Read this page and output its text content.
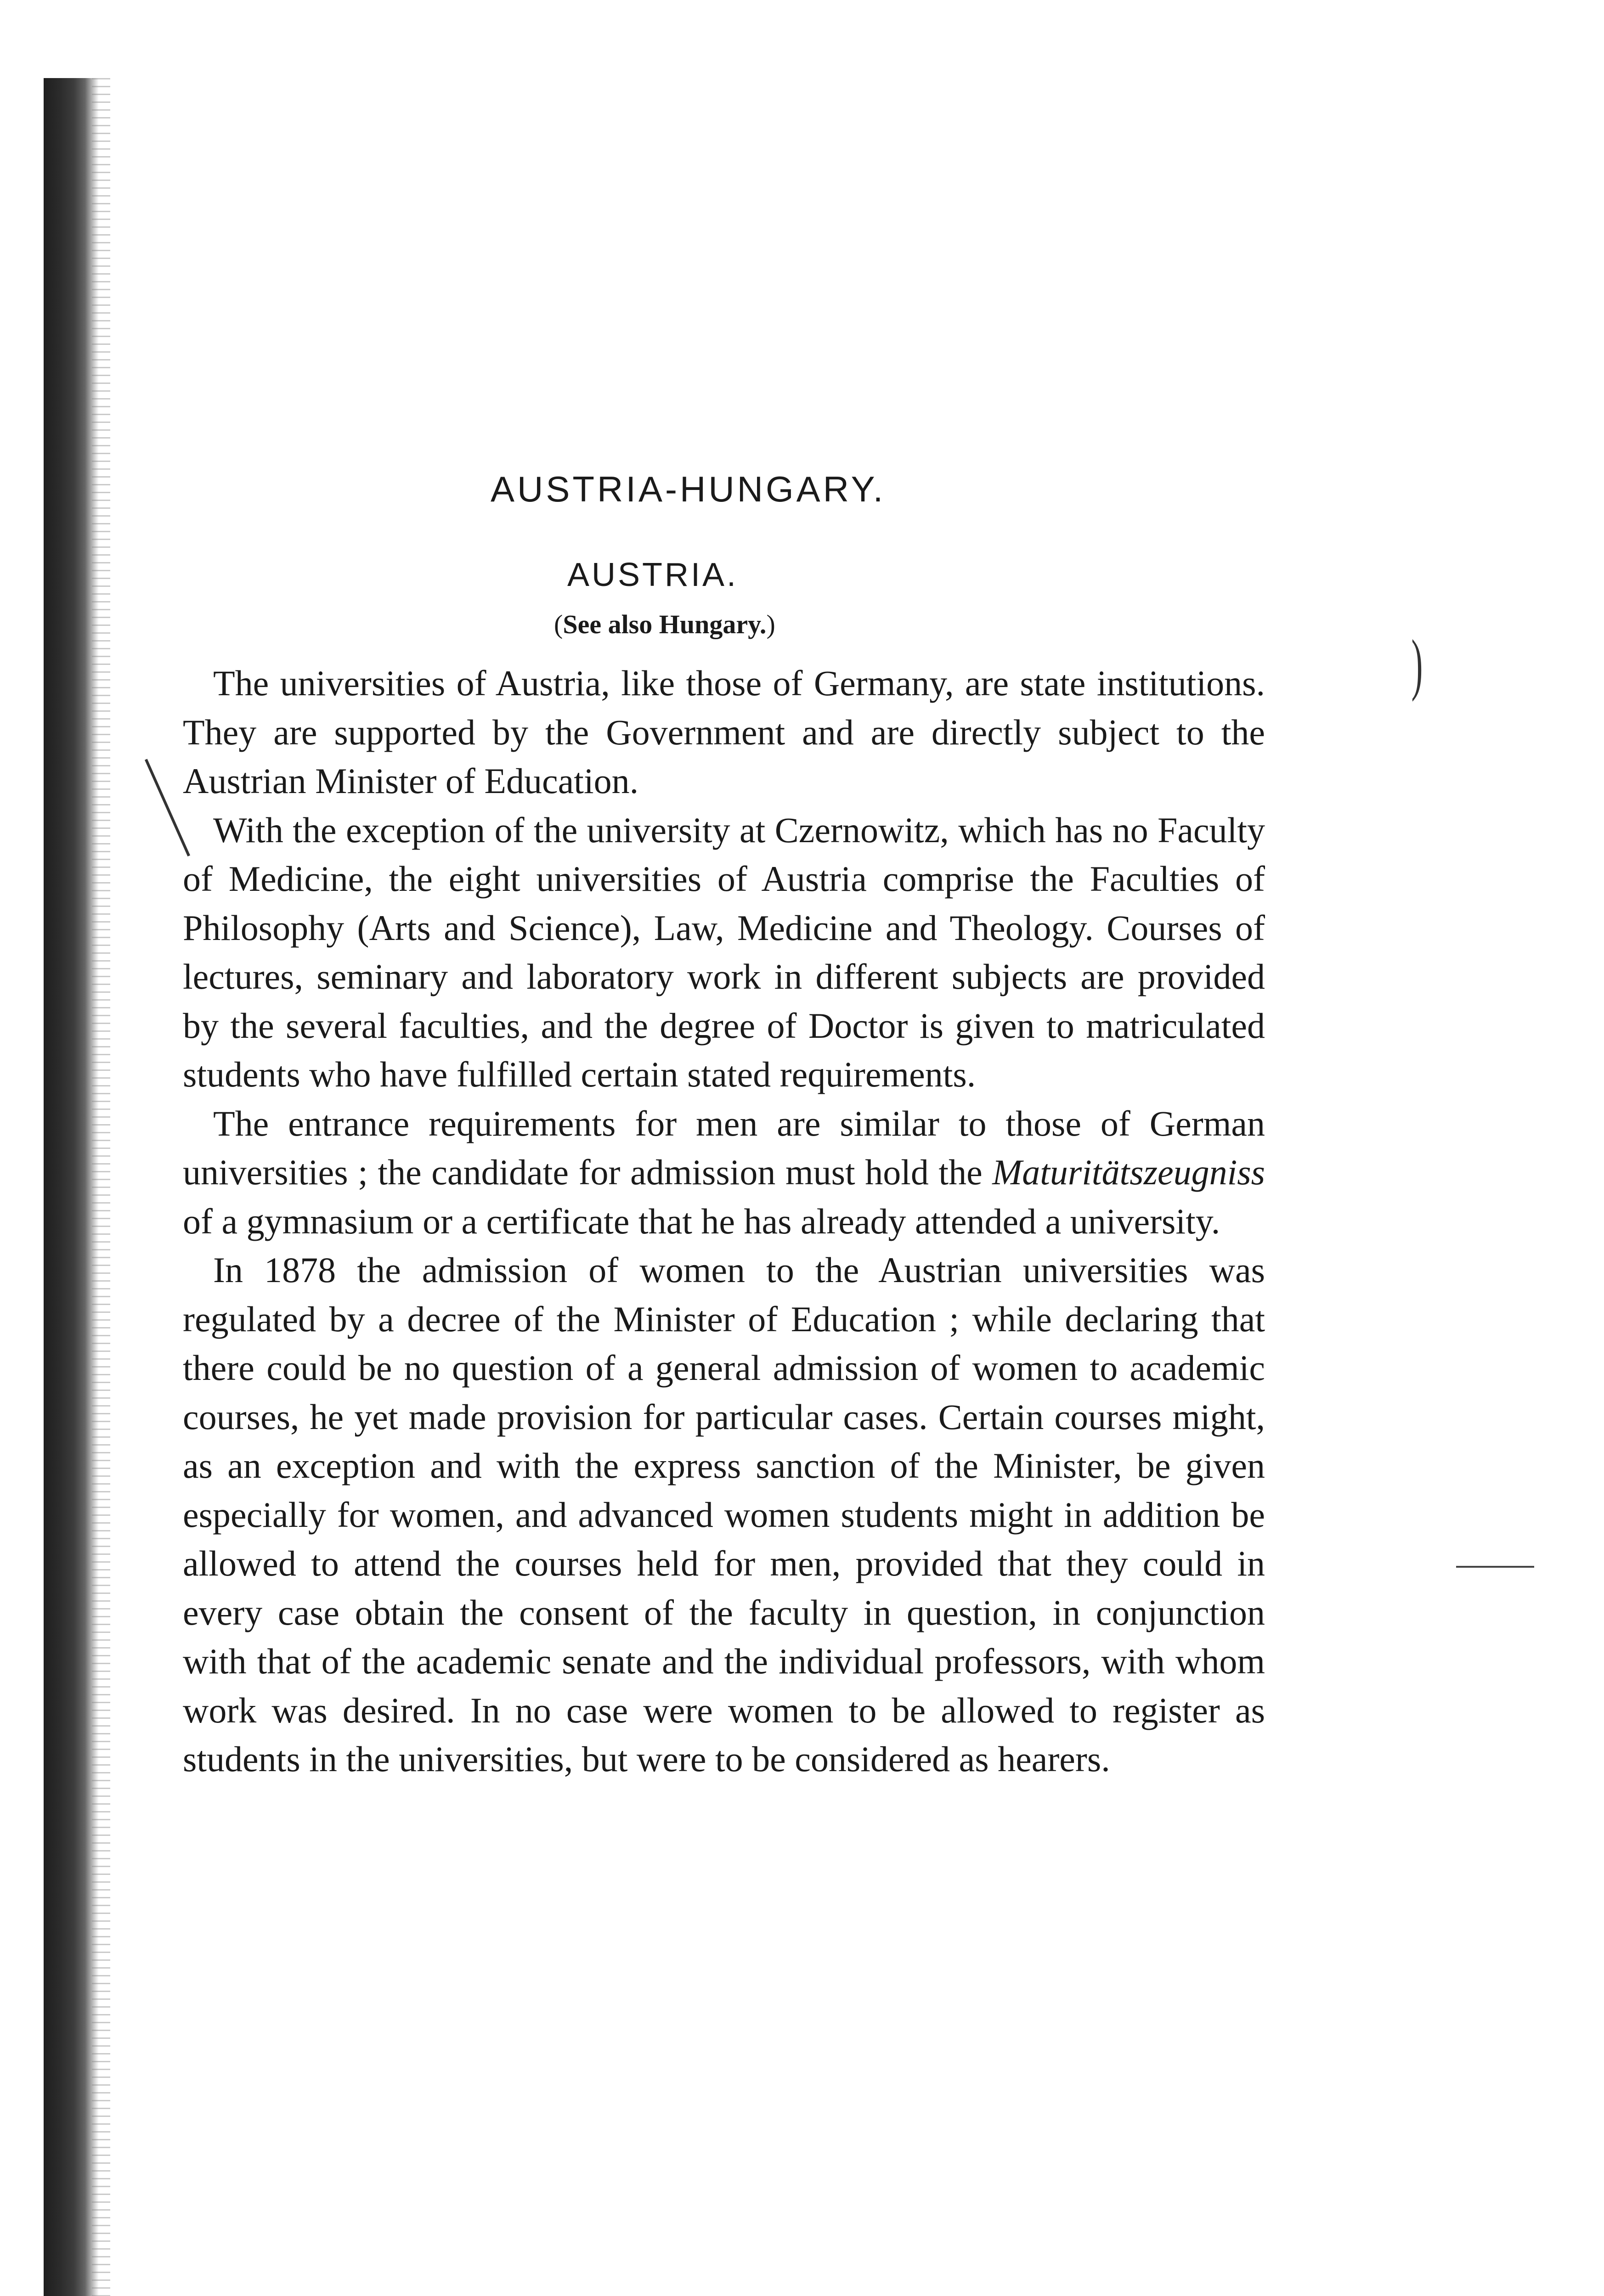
AUSTRIA-HUNGARY.
AUSTRIA.
(See also Hungary.)

The universities of Austria, like those of Germany, are state institutions. They are supported by the Government and are directly subject to the Austrian Minister of Education.

With the exception of the university at Czernowitz, which has no Faculty of Medicine, the eight universities of Austria comprise the Faculties of Philosophy (Arts and Science), Law, Medicine and Theology. Courses of lectures, seminary and laboratory work in different subjects are provided by the several faculties, and the degree of Doctor is given to matriculated students who have fulfilled certain stated requirements.

The entrance requirements for men are similar to those of German universities ; the candidate for admission must hold the Maturitätszeugniss of a gymnasium or a certificate that he has already attended a university.

In 1878 the admission of women to the Austrian universities was regulated by a decree of the Minister of Education ; while declaring that there could be no question of a general admission of women to academic courses, he yet made provision for particular cases. Certain courses might, as an exception and with the express sanction of the Minister, be given especially for women, and advanced women students might in addition be allowed to attend the courses held for men, provided that they could in every case obtain the consent of the faculty in question, in conjunction with that of the academic senate and the individual professors, with whom work was desired. In no case were women to be allowed to register as students in the universities, but were to be considered as hearers.

)
